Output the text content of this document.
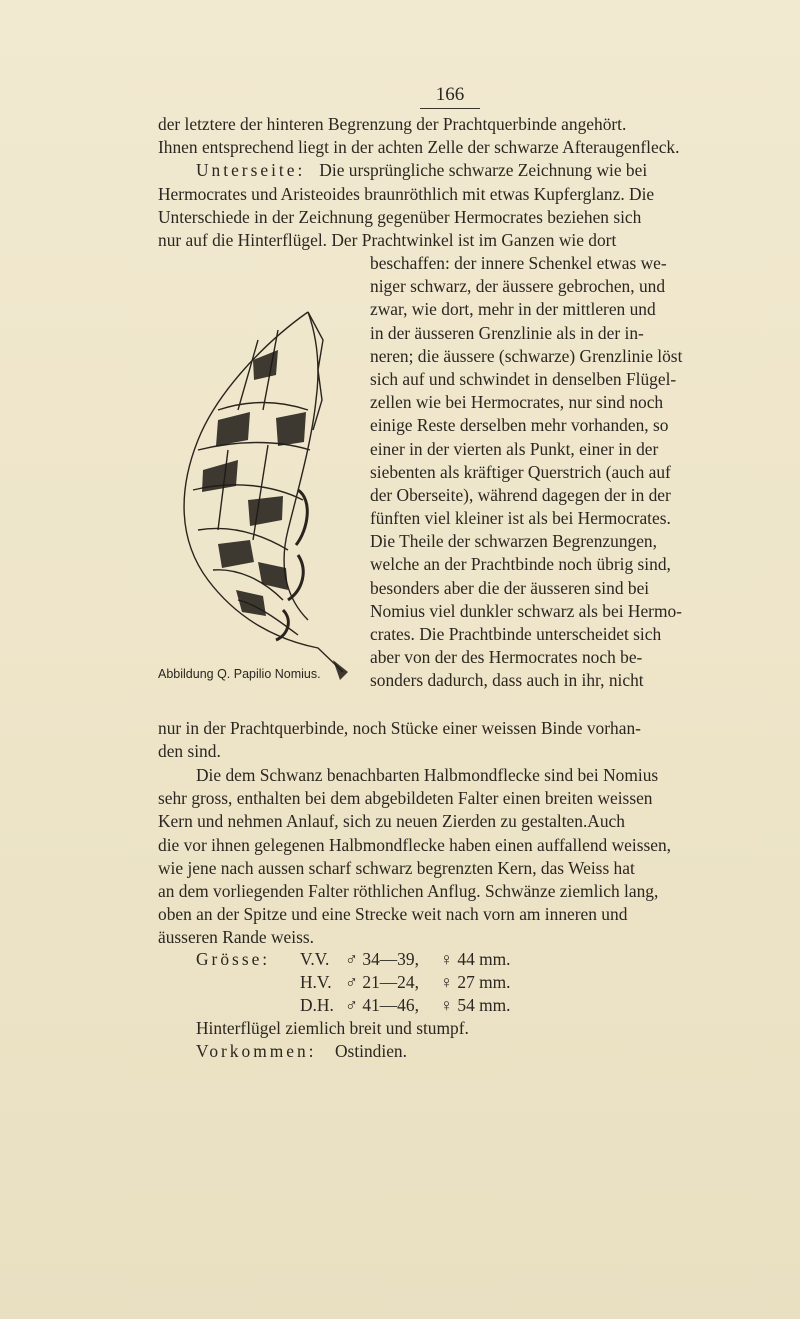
166
der letztere der hinteren Begrenzung der Prachtquerbinde angehört.
Ihnen entsprechend liegt in der achten Zelle der schwarze Afteraugenfleck.
Unterseite: Die ursprüngliche schwarze Zeichnung wie bei
Hermocrates und Aristeoides braunröthlich mit etwas Kupferglanz. Die
Unterschiede in der Zeichnung gegenüber Hermocrates beziehen sich
nur auf die Hinterflügel. Der Prachtwinkel ist im Ganzen wie dort
beschaffen: der innere Schenkel etwas we-
niger schwarz, der äussere gebrochen, und
zwar, wie dort, mehr in der mittleren und
in der äusseren Grenzlinie als in der in-
neren; die äussere (schwarze) Grenzlinie löst
sich auf und schwindet in denselben Flügel-
zellen wie bei Hermocrates, nur sind noch
einige Reste derselben mehr vorhanden, so
einer in der vierten als Punkt, einer in der
siebenten als kräftiger Querstrich (auch auf
der Oberseite), während dagegen der in der
fünften viel kleiner ist als bei Hermocrates.
Die Theile der schwarzen Begrenzungen,
welche an der Prachtbinde noch übrig sind,
besonders aber die der äusseren sind bei
Nomius viel dunkler schwarz als bei Hermo-
crates. Die Prachtbinde unterscheidet sich
aber von der des Hermocrates noch be-
sonders dadurch, dass auch in ihr, nicht
Abbildung Q. Papilio Nomius.
nur in der Prachtquerbinde, noch Stücke einer weissen Binde vorhan-
den sind.
Die dem Schwanz benachbarten Halbmondflecke sind bei Nomius
sehr gross, enthalten bei dem abgebildeten Falter einen breiten weissen
Kern und nehmen Anlauf, sich zu neuen Zierden zu gestalten.Auch
die vor ihnen gelegenen Halbmondflecke haben einen auffallend weissen,
wie jene nach aussen scharf schwarz begrenzten Kern, das Weiss hat
an dem vorliegenden Falter röthlichen Anflug. Schwänze ziemlich lang,
oben an der Spitze und eine Strecke weit nach vorn am inneren und
äusseren Rande weiss.
Grösse: V.V. ♂ 34—39, ♀ 44 mm.
H.V. ♂ 21—24, ♀ 27 mm.
D.H. ♂ 41—46, ♀ 54 mm.
Hinterflügel ziemlich breit und stumpf.
Vorkommen: Ostindien.
